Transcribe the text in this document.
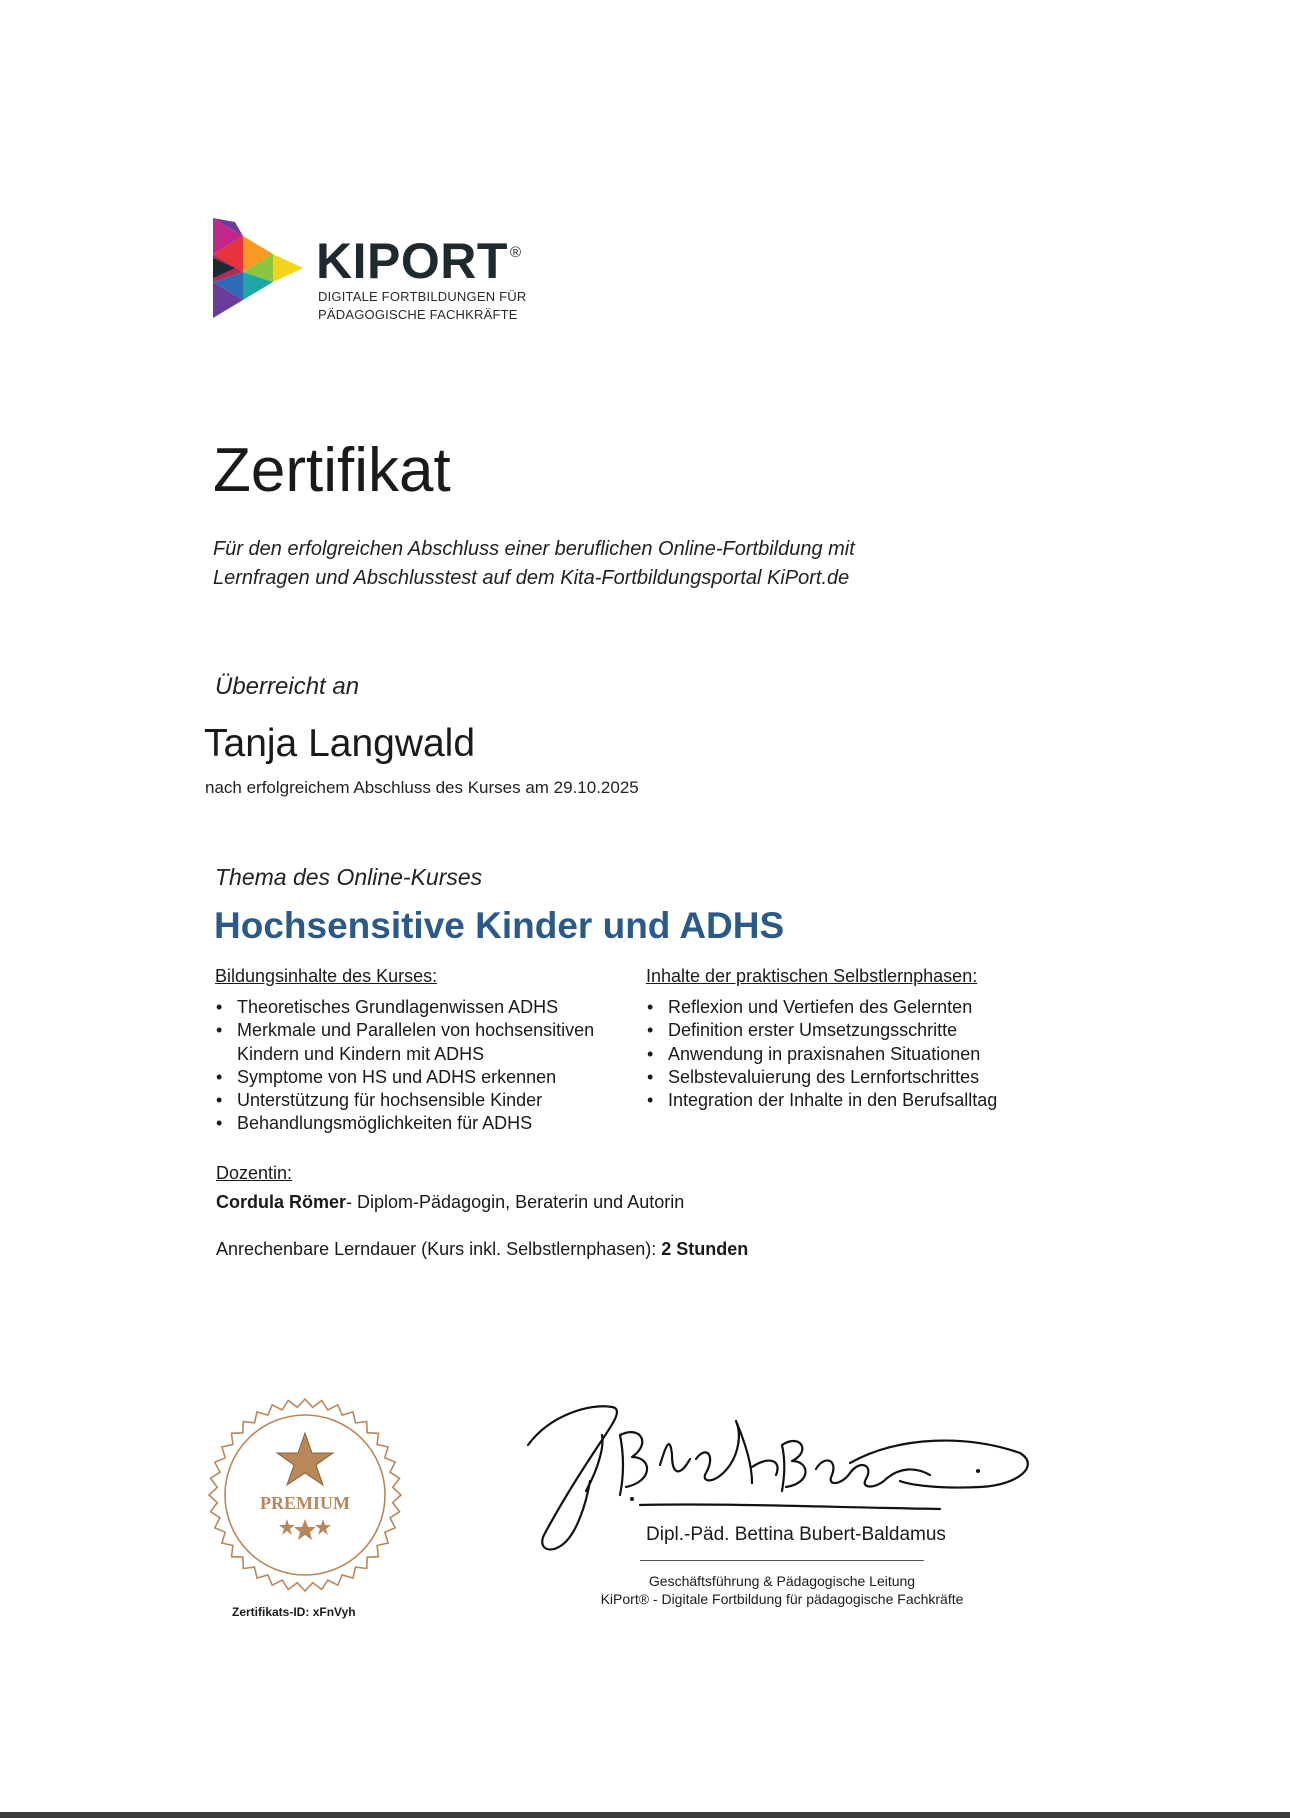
KIPORT ®
DIGITALE FORTBILDUNGEN FÜR
PÄDAGOGISCHE FACHKRÄFTE
Zertifikat
Für den erfolgreichen Abschluss einer beruflichen Online-Fortbildung mit
Lernfragen und Abschlusstest auf dem Kita-Fortbildungsportal KiPort.de
Überreicht an
Tanja Langwald
nach erfolgreichem Abschluss des Kurses am 29.10.2025
Thema des Online-Kurses
Hochsensitive Kinder und ADHS
Bildungsinhalte des Kurses:
• Theoretisches Grundlagenwissen ADHS
• Merkmale und Parallelen von hochsensitiven Kindern und Kindern mit ADHS
• Symptome von HS und ADHS erkennen
• Unterstützung für hochsensible Kinder
• Behandlungsmöglichkeiten für ADHS
Inhalte der praktischen Selbstlernphasen:
• Reflexion und Vertiefen des Gelernten
• Definition erster Umsetzungsschritte
• Anwendung in praxisnahen Situationen
• Selbstevaluierung des Lernfortschrittes
• Integration der Inhalte in den Berufsalltag
Dozentin:
Cordula Römer- Diplom-Pädagogin, Beraterin und Autorin
Anrechenbare Lerndauer (Kurs inkl. Selbstlernphasen): 2 Stunden
PREMIUM
Zertifikats-ID: xFnVyh
Dipl.-Päd. Bettina Bubert-Baldamus
Geschäftsführung & Pädagogische Leitung
KiPort® - Digitale Fortbildung für pädagogische Fachkräfte
